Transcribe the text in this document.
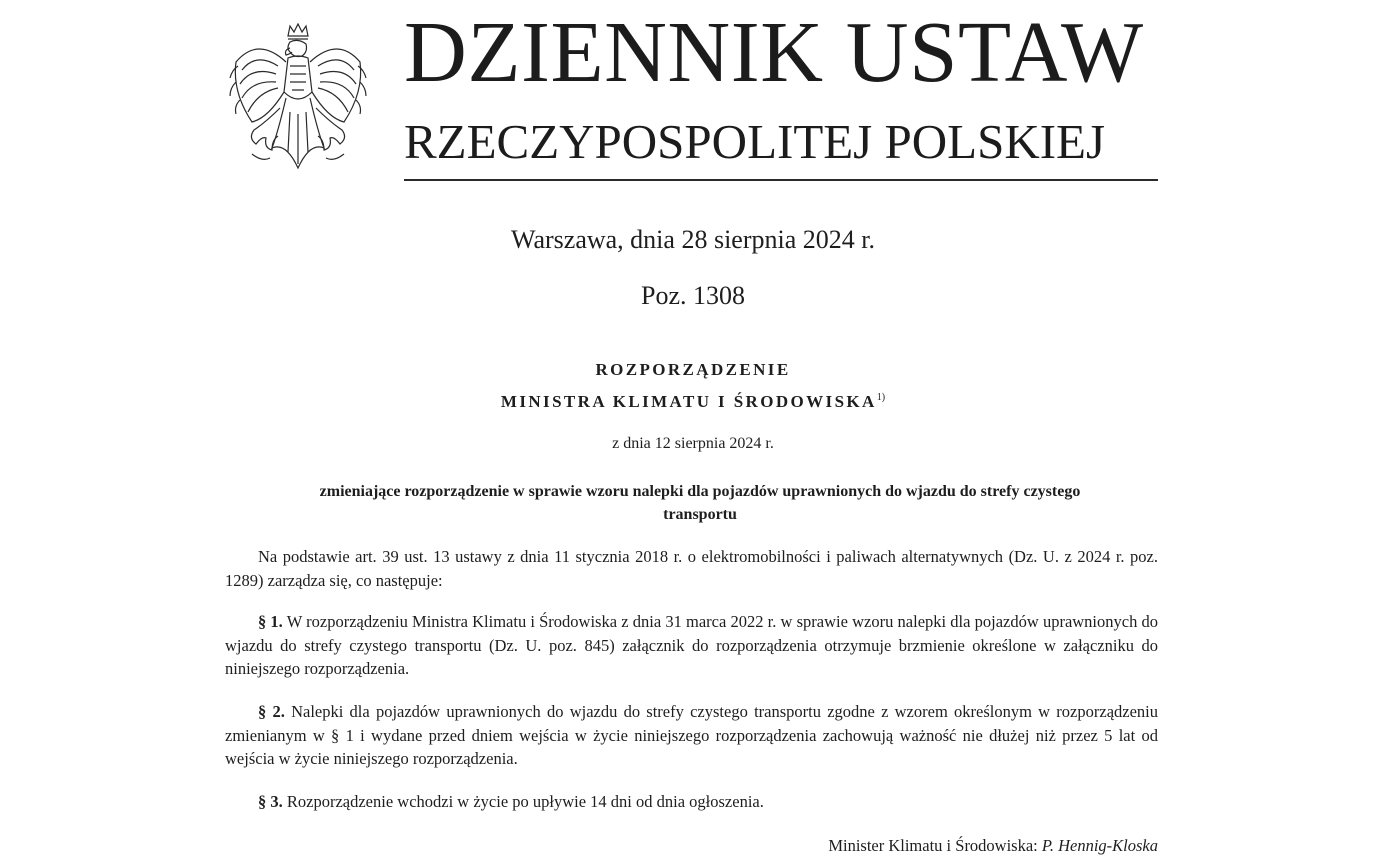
DZIENNIK USTAW
RZECZYPOSPOLITEJ POLSKIEJ
Warszawa, dnia 28 sierpnia 2024 r.
Poz. 1308
ROZPORZĄDZENIE
MINISTRA KLIMATU I ŚRODOWISKA$^{1)}$
z dnia 12 sierpnia 2024 r.
zmieniające rozporządzenie w sprawie wzoru nalepki dla pojazdów uprawnionych do wjazdu do strefy czystego transportu

Na podstawie art. 39 ust. 13 ustawy z dnia 11 stycznia 2018 r. o elektromobilności i paliwach alternatywnych (Dz. U. z 2024 r. poz. 1289) zarządza się, co następuje:

§ 1. W rozporządzeniu Ministra Klimatu i Środowiska z dnia 31 marca 2022 r. w sprawie wzoru nalepki dla pojazdów uprawnionych do wjazdu do strefy czystego transportu (Dz. U. poz. 845) załącznik do rozporządzenia otrzymuje brzmienie określone w załączniku do niniejszego rozporządzenia.

§ 2. Nalepki dla pojazdów uprawnionych do wjazdu do strefy czystego transportu zgodne z wzorem określonym w rozporządzeniu zmienianym w § 1 i wydane przed dniem wejścia w życie niniejszego rozporządzenia zachowują ważność nie dłużej niż przez 5 lat od wejścia w życie niniejszego rozporządzenia.

§ 3. Rozporządzenie wchodzi w życie po upływie 14 dni od dnia ogłoszenia.

Minister Klimatu i Środowiska: P. Hennig-Kloska
